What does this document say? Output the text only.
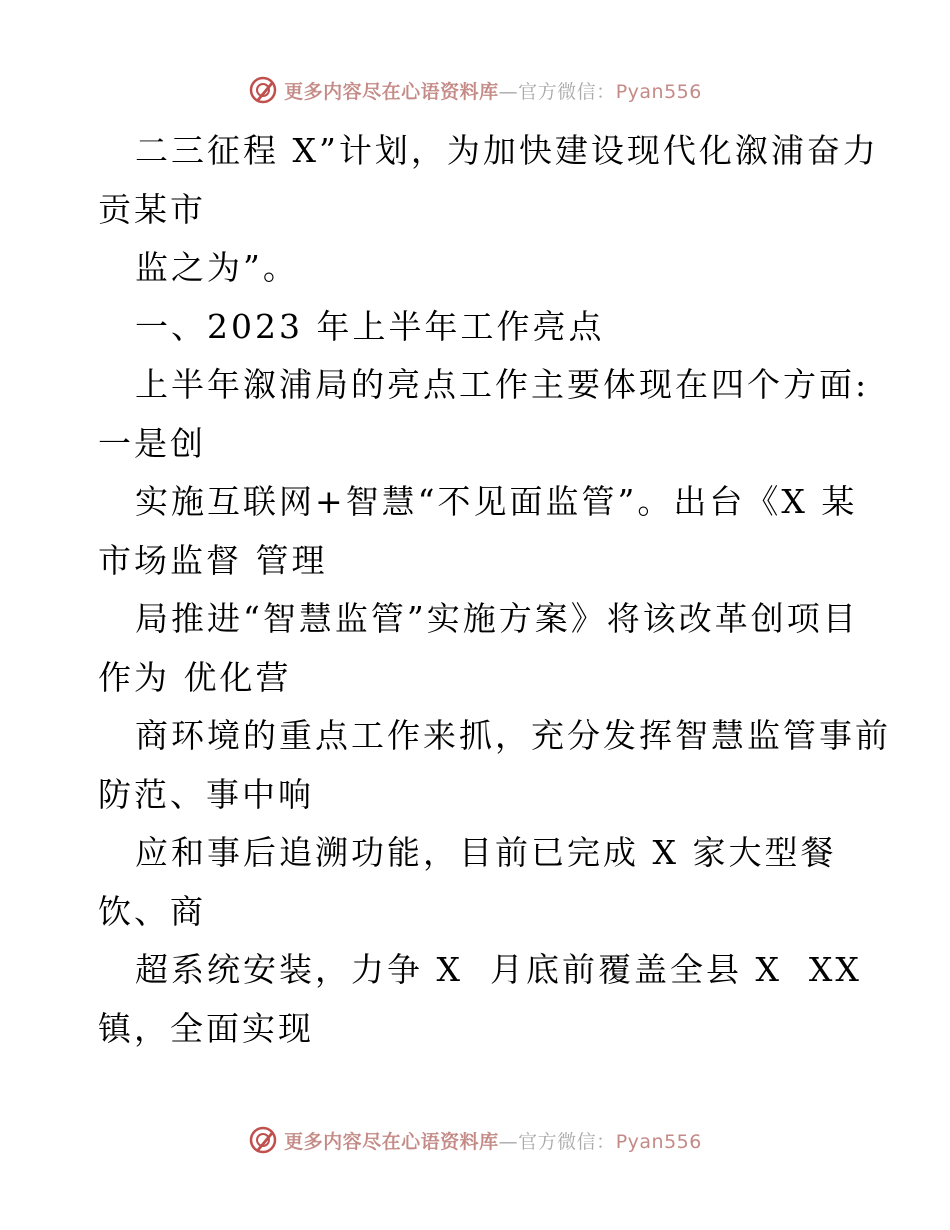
更多内容尽在心语资料库—官方微信：Pyan556
二三征程 X”计划，为加快建设现代化溆浦奋力
贡某市
监之为”。
一、2023 年上半年工作亮点
上半年溆浦局的亮点工作主要体现在四个方面:
一是创
实施互联网+智慧“不见面监管”。出台《X 某
市场监督 管理
局推进“智慧监管”实施方案》将该改革创项目
作为 优化营
商环境的重点工作来抓，充分发挥智慧监管事前
防范、事中响
应和事后追溯功能，目前已完成 X 家大型餐
饮、商
超系统安装，力争 X  月底前覆盖全县 X  XX
镇，全面实现
更多内容尽在心语资料库—官方微信：Pyan556
